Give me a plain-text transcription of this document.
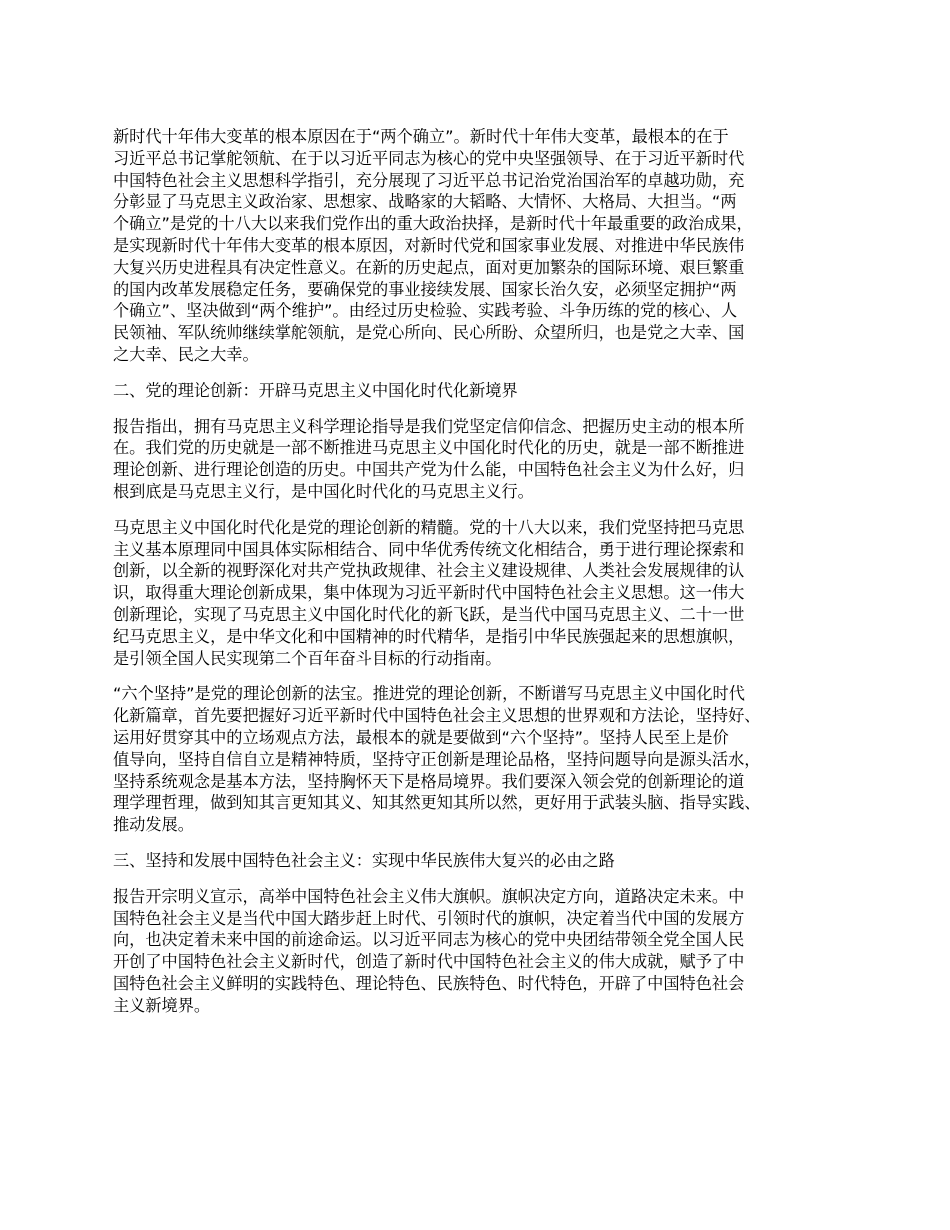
新时代十年伟大变革的根本原因在于“两个确立”。新时代十年伟大变革，最根本的在于
习近平总书记掌舵领航、在于以习近平同志为核心的党中央坚强领导、在于习近平新时代
中国特色社会主义思想科学指引，充分展现了习近平总书记治党治国治军的卓越功勋，充
分彰显了马克思主义政治家、思想家、战略家的大韬略、大情怀、大格局、大担当。“两
个确立”是党的十八大以来我们党作出的重大政治抉择，是新时代十年最重要的政治成果，
是实现新时代十年伟大变革的根本原因，对新时代党和国家事业发展、对推进中华民族伟
大复兴历史进程具有决定性意义。在新的历史起点，面对更加繁杂的国际环境、艰巨繁重
的国内改革发展稳定任务，要确保党的事业接续发展、国家长治久安，必须坚定拥护“两
个确立”、坚决做到“两个维护”。由经过历史检验、实践考验、斗争历练的党的核心、人
民领袖、军队统帅继续掌舵领航，是党心所向、民心所盼、众望所归，也是党之大幸、国
之大幸、民之大幸。

二、党的理论创新：开辟马克思主义中国化时代化新境界

报告指出，拥有马克思主义科学理论指导是我们党坚定信仰信念、把握历史主动的根本所
在。我们党的历史就是一部不断推进马克思主义中国化时代化的历史，就是一部不断推进
理论创新、进行理论创造的历史。中国共产党为什么能，中国特色社会主义为什么好，归
根到底是马克思主义行，是中国化时代化的马克思主义行。
马克思主义中国化时代化是党的理论创新的精髓。党的十八大以来，我们党坚持把马克思
主义基本原理同中国具体实际相结合、同中华优秀传统文化相结合，勇于进行理论探索和
创新，以全新的视野深化对共产党执政规律、社会主义建设规律、人类社会发展规律的认
识，取得重大理论创新成果，集中体现为习近平新时代中国特色社会主义思想。这一伟大
创新理论，实现了马克思主义中国化时代化的新飞跃，是当代中国马克思主义、二十一世
纪马克思主义，是中华文化和中国精神的时代精华，是指引中华民族强起来的思想旗帜，
是引领全国人民实现第二个百年奋斗目标的行动指南。
“六个坚持”是党的理论创新的法宝。推进党的理论创新，不断谱写马克思主义中国化时代
化新篇章，首先要把握好习近平新时代中国特色社会主义思想的世界观和方法论，坚持好、
运用好贯穿其中的立场观点方法，最根本的就是要做到“六个坚持”。坚持人民至上是价
值导向，坚持自信自立是精神特质，坚持守正创新是理论品格，坚持问题导向是源头活水，
坚持系统观念是基本方法，坚持胸怀天下是格局境界。我们要深入领会党的创新理论的道
理学理哲理，做到知其言更知其义、知其然更知其所以然，更好用于武装头脑、指导实践、
推动发展。

三、坚持和发展中国特色社会主义：实现中华民族伟大复兴的必由之路

报告开宗明义宣示，高举中国特色社会主义伟大旗帜。旗帜决定方向，道路决定未来。中
国特色社会主义是当代中国大踏步赶上时代、引领时代的旗帜，决定着当代中国的发展方
向，也决定着未来中国的前途命运。以习近平同志为核心的党中央团结带领全党全国人民
开创了中国特色社会主义新时代，创造了新时代中国特色社会主义的伟大成就，赋予了中
国特色社会主义鲜明的实践特色、理论特色、民族特色、时代特色，开辟了中国特色社会
主义新境界。
